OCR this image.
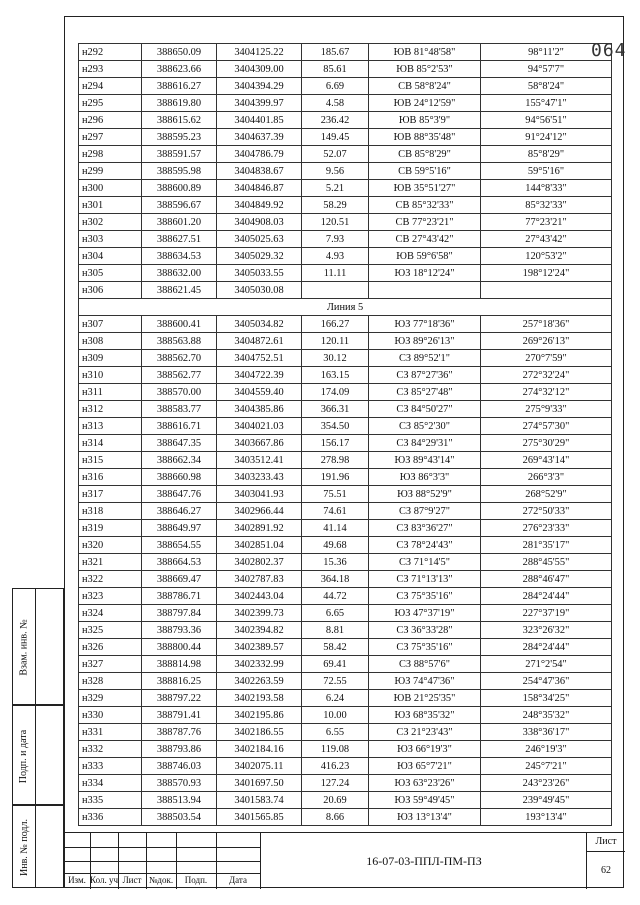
064
н292	388650.09	3404125.22	185.67	ЮВ 81°48'58"	98°11'2"
н293	388623.66	3404309.00	85.61	ЮВ 85°2'53"	94°57'7"
н294	388616.27	3404394.29	6.69	СВ 58°8'24"	58°8'24"
н295	388619.80	3404399.97	4.58	ЮВ 24°12'59"	155°47'1"
н296	388615.62	3404401.85	236.42	ЮВ 85°3'9"	94°56'51"
н297	388595.23	3404637.39	149.45	ЮВ 88°35'48"	91°24'12"
н298	388591.57	3404786.79	52.07	СВ 85°8'29"	85°8'29"
н299	388595.98	3404838.67	9.56	СВ 59°5'16"	59°5'16"
н300	388600.89	3404846.87	5.21	ЮВ 35°51'27"	144°8'33"
н301	388596.67	3404849.92	58.29	СВ 85°32'33"	85°32'33"
н302	388601.20	3404908.03	120.51	СВ 77°23'21"	77°23'21"
н303	388627.51	3405025.63	7.93	СВ 27°43'42"	27°43'42"
н304	388634.53	3405029.32	4.93	ЮВ 59°6'58"	120°53'2"
н305	388632.00	3405033.55	11.11	ЮЗ 18°12'24"	198°12'24"
н306	388621.45	3405030.08			
Линия 5					
н307	388600.41	3405034.82	166.27	ЮЗ 77°18'36"	257°18'36"
н308	388563.88	3404872.61	120.11	ЮЗ 89°26'13"	269°26'13"
н309	388562.70	3404752.51	30.12	СЗ 89°52'1"	270°7'59"
н310	388562.77	3404722.39	163.15	СЗ 87°27'36"	272°32'24"
н311	388570.00	3404559.40	174.09	СЗ 85°27'48"	274°32'12"
н312	388583.77	3404385.86	366.31	СЗ 84°50'27"	275°9'33"
н313	388616.71	3404021.03	354.50	СЗ 85°2'30"	274°57'30"
н314	388647.35	3403667.86	156.17	СЗ 84°29'31"	275°30'29"
н315	388662.34	3403512.41	278.98	ЮЗ 89°43'14"	269°43'14"
н316	388660.98	3403233.43	191.96	ЮЗ 86°3'3"	266°3'3"
н317	388647.76	3403041.93	75.51	ЮЗ 88°52'9"	268°52'9"
н318	388646.27	3402966.44	74.61	СЗ 87°9'27"	272°50'33"
н319	388649.97	3402891.92	41.14	СЗ 83°36'27"	276°23'33"
н320	388654.55	3402851.04	49.68	СЗ 78°24'43"	281°35'17"
н321	388664.53	3402802.37	15.36	СЗ 71°14'5"	288°45'55"
н322	388669.47	3402787.83	364.18	СЗ 71°13'13"	288°46'47"
н323	388786.71	3402443.04	44.72	СЗ 75°35'16"	284°24'44"
н324	388797.84	3402399.73	6.65	ЮЗ 47°37'19"	227°37'19"
н325	388793.36	3402394.82	8.81	СЗ 36°33'28"	323°26'32"
н326	388800.44	3402389.57	58.42	СЗ 75°35'16"	284°24'44"
н327	388814.98	3402332.99	69.41	СЗ 88°57'6"	271°2'54"
н328	388816.25	3402263.59	72.55	ЮЗ 74°47'36"	254°47'36"
н329	388797.22	3402193.58	6.24	ЮВ 21°25'35"	158°34'25"
н330	388791.41	3402195.86	10.00	ЮЗ 68°35'32"	248°35'32"
н331	388787.76	3402186.55	6.55	СЗ 21°23'43"	338°36'17"
н332	388793.86	3402184.16	119.08	ЮЗ 66°19'3"	246°19'3"
н333	388746.03	3402075.11	416.23	ЮЗ 65°7'21"	245°7'21"
н334	388570.93	3401697.50	127.24	ЮЗ 63°23'26"	243°23'26"
н335	388513.94	3401583.74	20.69	ЮЗ 59°49'45"	239°49'45"
н336	388503.54	3401565.85	8.66	ЮЗ 13°13'4"	193°13'4"
Взам. инв. №
Подп. и дата
Инв. № подл.
Изм. Кол. уч Лист №док.	Подп.	Дата
16-07-03-ППЛ-ПМ-ПЗ
Лист
62
